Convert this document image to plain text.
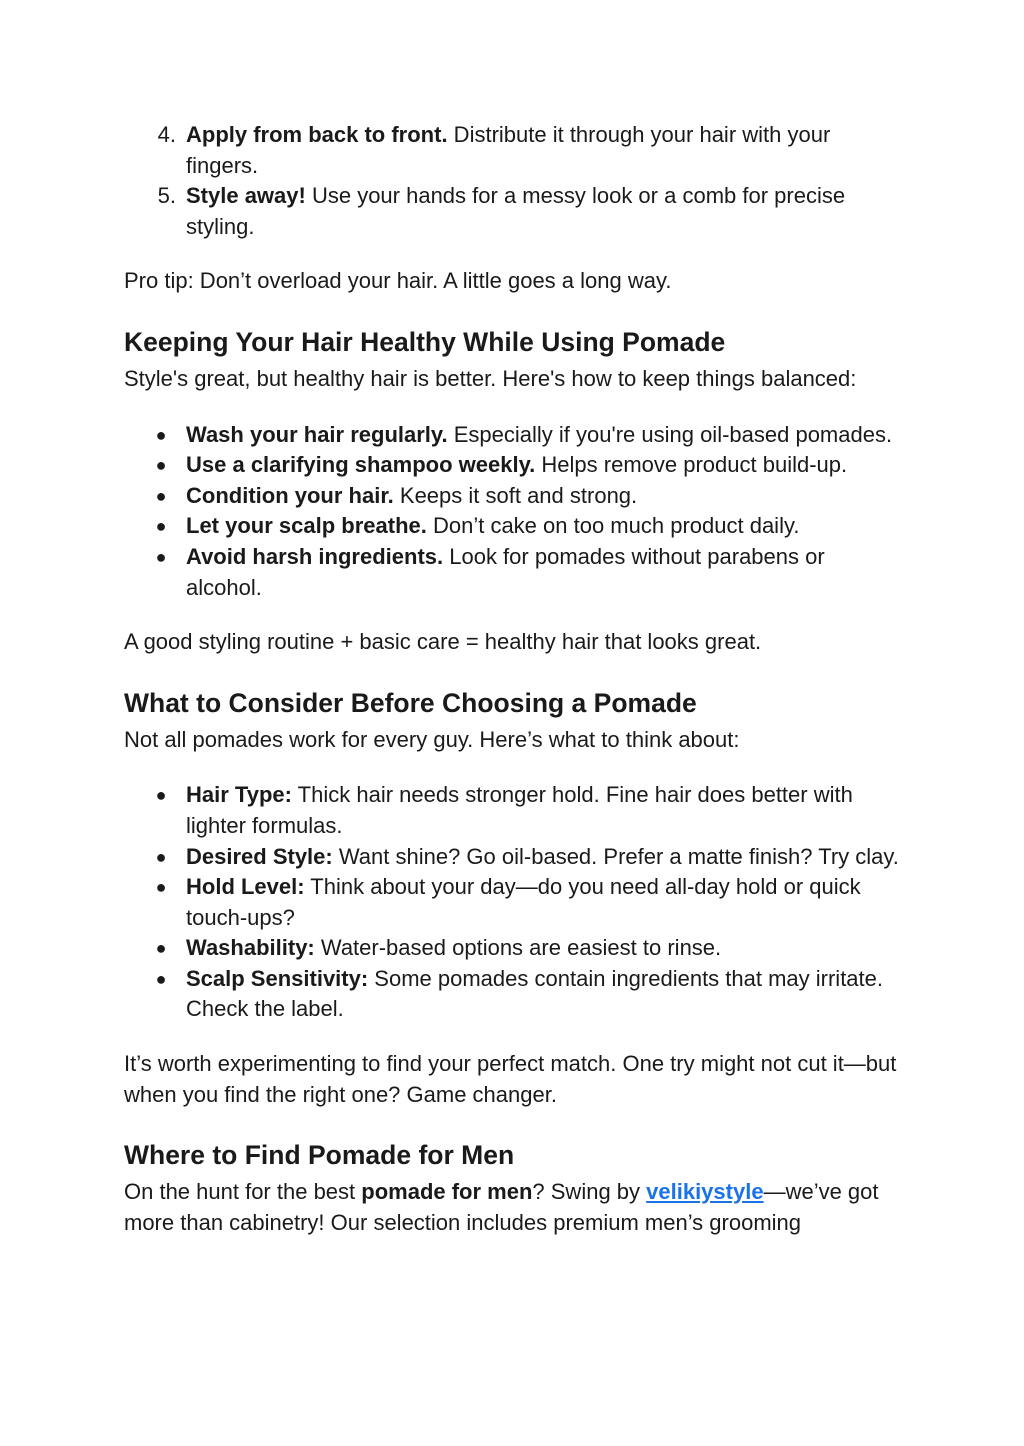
4. Apply from back to front. Distribute it through your hair with your fingers.
5. Style away! Use your hands for a messy look or a comb for precise styling.

Pro tip: Don’t overload your hair. A little goes a long way.

Keeping Your Hair Healthy While Using Pomade

Style's great, but healthy hair is better. Here's how to keep things balanced:

● Wash your hair regularly. Especially if you're using oil-based pomades.
● Use a clarifying shampoo weekly. Helps remove product build-up.
● Condition your hair. Keeps it soft and strong.
● Let your scalp breathe. Don’t cake on too much product daily.
● Avoid harsh ingredients. Look for pomades without parabens or alcohol.

A good styling routine + basic care = healthy hair that looks great.

What to Consider Before Choosing a Pomade

Not all pomades work for every guy. Here’s what to think about:

● Hair Type: Thick hair needs stronger hold. Fine hair does better with lighter formulas.
● Desired Style: Want shine? Go oil-based. Prefer a matte finish? Try clay.
● Hold Level: Think about your day—do you need all-day hold or quick touch-ups?
● Washability: Water-based options are easiest to rinse.
● Scalp Sensitivity: Some pomades contain ingredients that may irritate. Check the label.

It’s worth experimenting to find your perfect match. One try might not cut it—but when you find the right one? Game changer.

Where to Find Pomade for Men

On the hunt for the best pomade for men? Swing by velikiystyle—we’ve got more than cabinetry! Our selection includes premium men’s grooming
